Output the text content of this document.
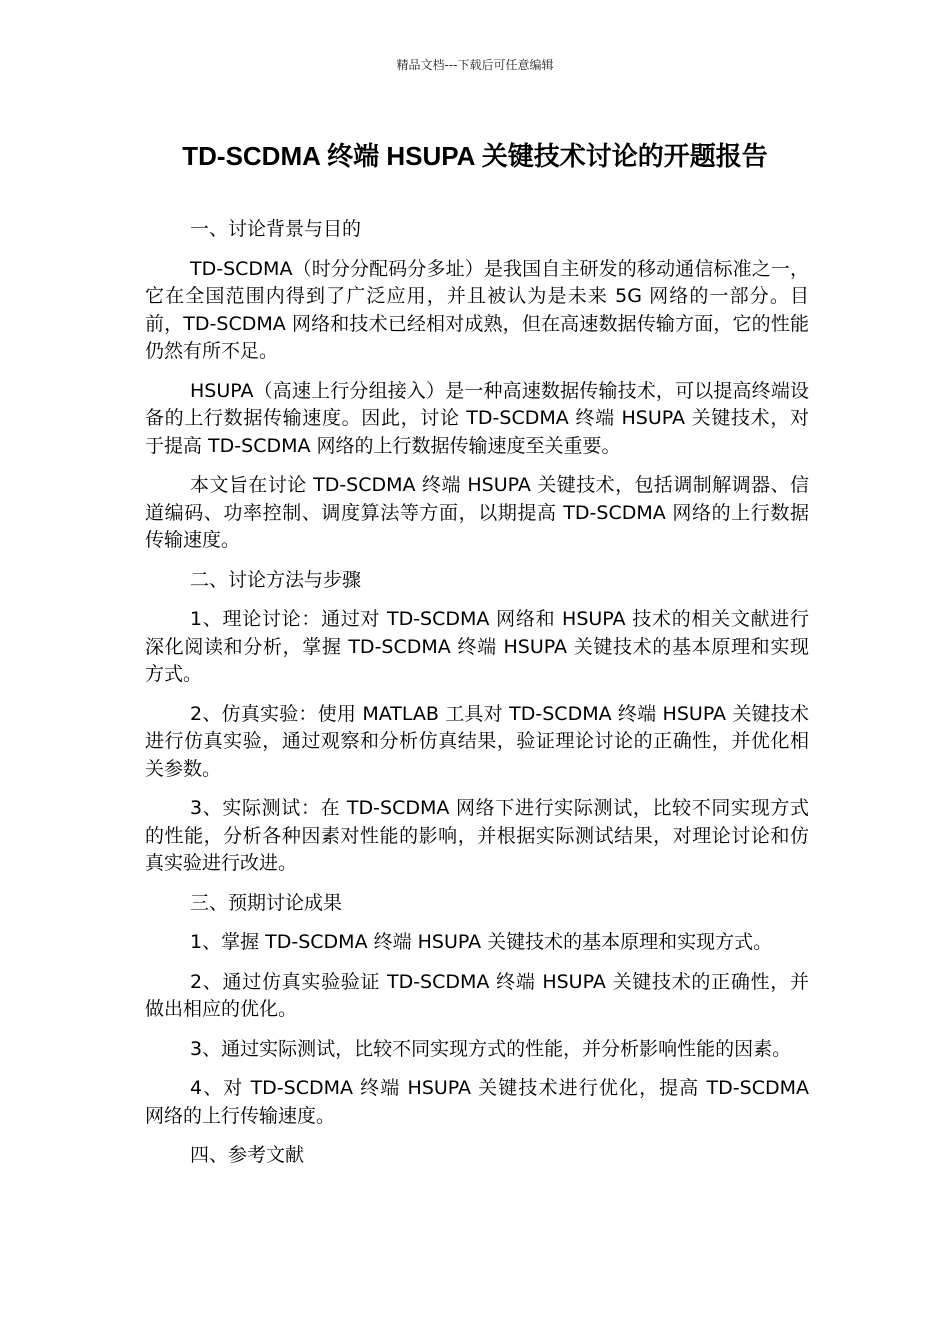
精品文档---下载后可任意编辑
TD-SCDMA 终端 HSUPA 关键技术讨论的开题报告

一、讨论背景与目的

TD-SCDMA（时分分配码分多址）是我国自主研发的移动通信标准之一，它在全国范围内得到了广泛应用，并且被认为是未来 5G 网络的一部分。目前，TD-SCDMA 网络和技术已经相对成熟，但在高速数据传输方面，它的性能仍然有所不足。

HSUPA（高速上行分组接入）是一种高速数据传输技术，可以提高终端设备的上行数据传输速度。因此，讨论 TD-SCDMA 终端 HSUPA 关键技术，对于提高 TD-SCDMA 网络的上行数据传输速度至关重要。

本文旨在讨论 TD-SCDMA 终端 HSUPA 关键技术，包括调制解调器、信道编码、功率控制、调度算法等方面，以期提高 TD-SCDMA 网络的上行数据传输速度。

二、讨论方法与步骤

1、理论讨论：通过对 TD-SCDMA 网络和 HSUPA 技术的相关文献进行深化阅读和分析，掌握 TD-SCDMA 终端 HSUPA 关键技术的基本原理和实现方式。

2、仿真实验：使用 MATLAB 工具对 TD-SCDMA 终端 HSUPA 关键技术进行仿真实验，通过观察和分析仿真结果，验证理论讨论的正确性，并优化相关参数。

3、实际测试：在 TD-SCDMA 网络下进行实际测试，比较不同实现方式的性能，分析各种因素对性能的影响，并根据实际测试结果，对理论讨论和仿真实验进行改进。

三、预期讨论成果

1、掌握 TD-SCDMA 终端 HSUPA 关键技术的基本原理和实现方式。

2、通过仿真实验验证 TD-SCDMA 终端 HSUPA 关键技术的正确性，并做出相应的优化。

3、通过实际测试，比较不同实现方式的性能，并分析影响性能的因素。

4、对 TD-SCDMA 终端 HSUPA 关键技术进行优化，提高 TD-SCDMA 网络的上行传输速度。

四、参考文献
